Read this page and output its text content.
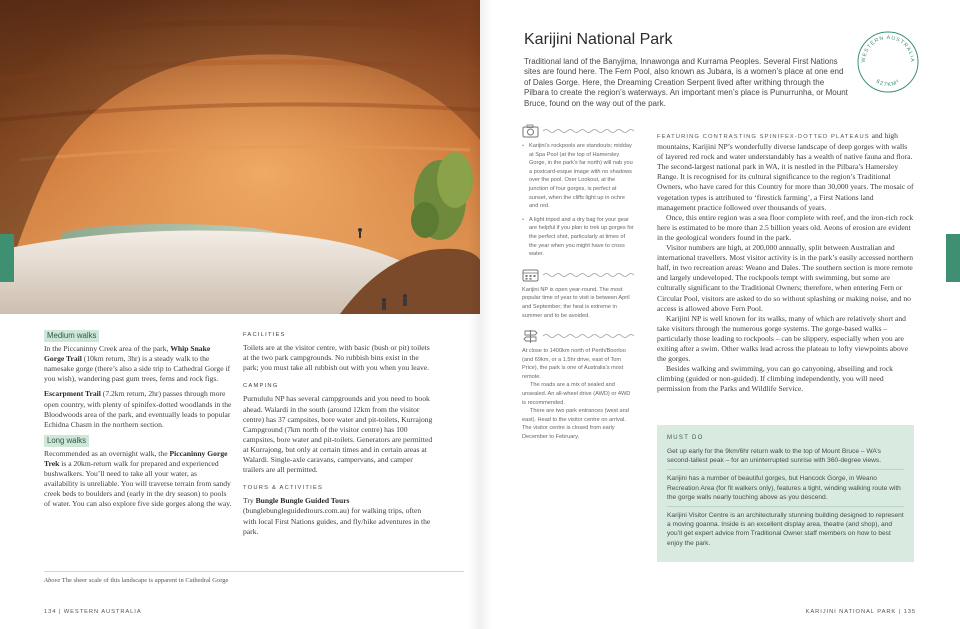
Medium walks

In the Piccaninny Creek area of the park, Whip Snake Gorge Trail (10km return, 3hr) is a steady walk to the namesake gorge (there’s also a side trip to Cathedral Gorge if you wish), wandering past gum trees, ferns and rock figs.

Escarpment Trail (7.2km return, 2hr) passes through more open country, with plenty of spinifex-dotted woodlands in the Bloodwoods area of the park, and eventually leads to popular Echidna Chasm in the northern section.

Long walks

Recommended as an overnight walk, the Piccaninny Gorge Trek is a 20km-return walk for prepared and experienced bushwalkers. You’ll need to take all your water, as availability is unreliable. You will traverse terrain from sandy creek beds to boulders and (early in the dry season) to pools of water. You can also explore five side gorges along the way.

FACILITIES

Toilets are at the visitor centre, with basic (bush or pit) toilets at the two park campgrounds. No rubbish bins exist in the park; you must take all rubbish out with you when you leave.

CAMPING

Purnululu NP has several campgrounds and you need to book ahead. Walardi in the south (around 12km from the visitor centre) has 37 campsites, bore water and pit-toilets, Kurrajong Campground (7km north of the visitor centre) has 100 campsites, bore water and pit-toilets. Generators are permitted at Kurrajong, but only at certain times and in certain areas at Walardi. Single-axle caravans, campervans, and camper trailers are all permitted.

TOURS & ACTIVITIES

Try Bungle Bungle Guided Tours (bunglebungleguidedtours.com.au) for walking trips, often with local First Nations guides, and fly/hike adventures in the park.

Above The sheer scale of this landscape is apparent in Cathedral Gorge
134 | WESTERN AUSTRALIA
Karijini National Park
Traditional land of the Banyjima, Innawonga and Kurrama Peoples. Several First Nations sites are found here. The Fern Pool, also known as Jubara, is a women’s place at one end of Dales Gorge. Here, the Dreaming Creation Serpent lived after writhing through the Pilbara to create the region’s waterways. An important men’s place is Punurrunha, or Mount Bruce, found on the way out of the park.
WESTERN AUSTRALIA
627KM²
• Karijini’s rockpools are standouts; midday at Spa Pool (at the top of Hamersley Gorge, in the park’s far north) will nab you a postcard-esque image with no shadows over the pool. Oxer Lookout, at the junction of four gorges, is perfect at sunset, when the cliffs light up in ochre and red.
• A light tripod and a dry bag for your gear are helpful if you plan to trek up gorges for the perfect shot, particularly at times of the year when you might have to cross water.
Karijini NP is open year-round. The most popular time of year to visit is between April and September; the heat is extreme in summer and to be avoided.
At close to 1400km north of Perth/Boorloo (and 69km, or a 1.5hr drive, east of Tom Price), the park is one of Australia’s most remote.
The roads are a mix of sealed and unsealed. An all-wheel drive (AWD) or 4WD is recommended.
There are two park entrances (west and east). Head to the visitor centre on arrival. The visitor centre is closed from early December to February.

FEATURING CONTRASTING SPINIFEX-DOTTED PLATEAUS and high mountains, Karijini NP’s wonderfully diverse landscape of deep gorges with walls of layered red rock and water understandably has a wealth of native fauna and flora. The second-largest national park in WA, it is nestled in the Pilbara’s Hamersley Range. It is recognised for its cultural significance to the region’s Traditional Owners, who have cared for this Country for more than 30,000 years. The mosaic of vegetation types is attributed to ‘firestick farming’, a First Nations land management practice followed over thousands of years.

Once, this entire region was a sea floor complete with reef, and the iron-rich rock here is estimated to be more than 2.5 billion years old. Aeons of erosion are evident in the geological wonders found in the park.

Visitor numbers are high, at 200,000 annually, split between Australian and international travellers. Most visitor activity is in the park’s easily accessed northern half, in two recreation areas: Weano and Dales. The southern section is more remote and largely undeveloped. The rockpools tempt with swimming, but some are culturally significant to the Traditional Owners; therefore, when entering Fern or Circular Pool, visitors are asked to do so without splashing or making noise, and no access is allowed above Fern Pool.

Karijini NP is well known for its walks, many of which are relatively short and take visitors through the numerous gorge systems. The gorge-based walks – particularly those leading to rockpools – can be slippery, especially when you are exiting after a swim. Other walks lead across the plateau to lofty viewpoints above the gorges.

Besides walking and swimming, you can go canyoning, abseiling and rock climbing (guided or non-guided). If climbing independently, you will need permission from the Parks and Wildlife Service.

MUST DO
Get up early for the 9km/6hr return walk to the top of Mount Bruce – WA’s second-tallest peak – for an uninterrupted sunrise with 360-degree views.
Karijini has a number of beautiful gorges, but Hancock Gorge, in Weano Recreation Area (for fit walkers only), features a tight, winding walking route with the gorge walls nearly touching above as you descend.
Karijini Visitor Centre is an architecturally stunning building designed to represent a moving goanna. Inside is an excellent display area, theatre (and shop), and you’ll get expert advice from Traditional Owner staff members on how to best enjoy the park.
KARIJINI NATIONAL PARK | 135
